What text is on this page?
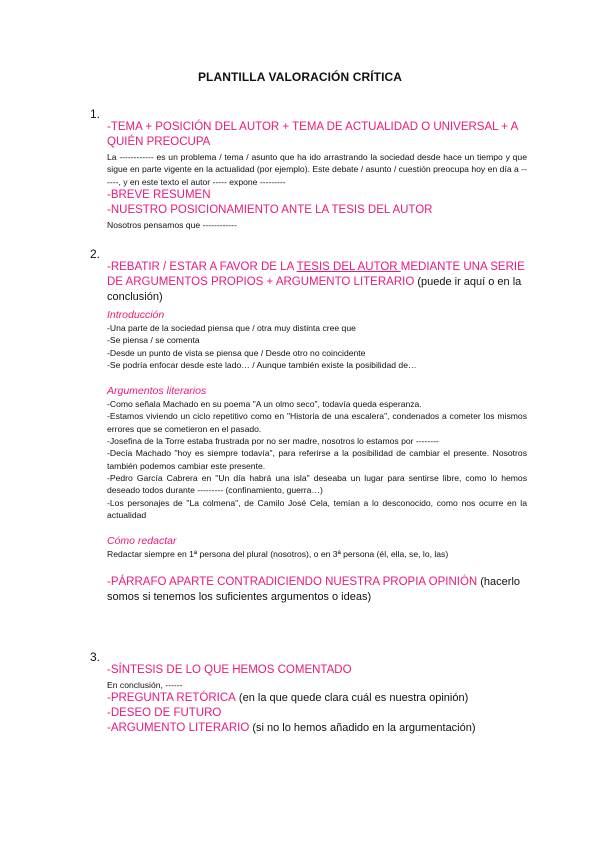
PLANTILLA VALORACIÓN CRÍTICA
1.

-TEMA + POSICIÓN DEL AUTOR + TEMA DE ACTUALIDAD O UNIVERSAL + A QUIÉN PREOCUPA

La ------------ es un problema / tema / asunto que ha ido arrastrando la sociedad desde hace un tiempo y que sigue en parte vigente en la actualidad (por ejemplo). Este debate / asunto / cuestión preocupa hoy en día a ------, y en este texto el autor ----- expone ---------

-BREVE RESUMEN

-NUESTRO POSICIONAMIENTO ANTE LA TESIS DEL AUTOR

Nosotros pensamos que ------------

2.

-REBATIR / ESTAR A FAVOR DE LA TESIS DEL AUTOR MEDIANTE UNA SERIE DE ARGUMENTOS PROPIOS + ARGUMENTO LITERARIO (puede ir aquí o en la conclusión)

Introducción

-Una parte de la sociedad piensa que / otra muy distinta cree que

-Se piensa / se comenta

-Desde un punto de vista se piensa que / Desde otro no coincidente

-Se podría enfocar desde este lado… / Aunque también existe la posibilidad de…

Argumentos literarios

-Como señala Machado en su poema "A un olmo seco", todavía queda esperanza.

-Estamos viviendo un ciclo repetitivo como en "Historia de una escalera", condenados a cometer los mismos errores que se cometieron en el pasado.

-Josefina de la Torre estaba frustrada por no ser madre, nosotros lo estamos por --------

-Decía Machado "hoy es siempre todavía", para referirse a la posibilidad de cambiar el presente. Nosotros también podemos cambiar este presente.

-Pedro García Cabrera en "Un día habrá una isla" deseaba un lugar para sentirse libre, como lo hemos deseado todos durante --------- (confinamiento, guerra…)

-Los personajes de "La colmena", de Camilo José Cela, temían a lo desconocido, como nos ocurre en la actualidad

Cómo redactar

Redactar siempre en 1ª persona del plural (nosotros), o en 3ª persona (él, ella, se, lo, las)

-PÁRRAFO APARTE CONTRADICIENDO NUESTRA PROPIA OPINIÓN (hacerlo somos si tenemos los suficientes argumentos o ideas)

3.

-SÍNTESIS DE LO QUE HEMOS COMENTADO

En conclusión, ------

-PREGUNTA RETÓRICA (en la que quede clara cuál es nuestra opinión)

-DESEO DE FUTURO

-ARGUMENTO LITERARIO (si no lo hemos añadido en la argumentación)
